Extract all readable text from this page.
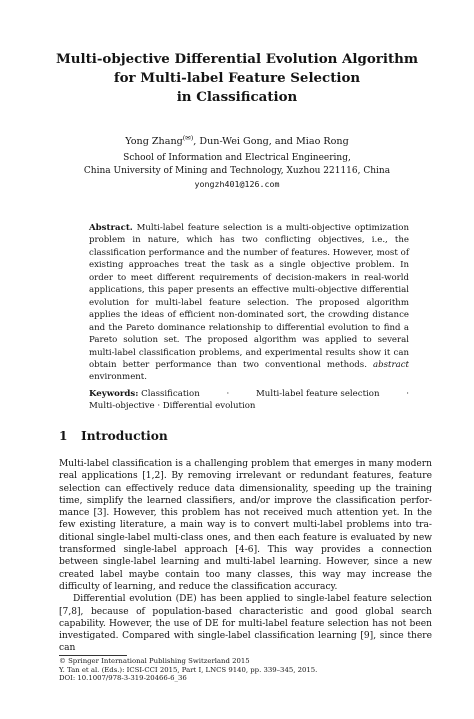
Multi-objective Differential Evolution Algorithm
for Multi-label Feature Selection
in Classification
Yong Zhang(✉), Dun-Wei Gong, and Miao Rong
School of Information and Electrical Engineering,
China University of Mining and Technology, Xuzhou 221116, China
yongzh401@126.com
Abstract. Multi-label feature selection is a multi-objective optimization problem in nature, which has two conflicting objectives, i.e., the classification performance and the number of features. However, most of existing approaches treat the task as a single objective problem. In order to meet different requirements of decision-makers in real-world applications, this paper presents an effective multi-objective differential evolution for multi-label feature selection. The proposed algorithm applies the ideas of efficient non-dominated sort, the crowding distance and the Pareto dominance relationship to differential evolution to find a Pareto solution set. The proposed algorithm was applied to several multi-label classification problems, and experimental results show it can obtain better performance than two conventional methods. abstract environment.
Keywords: Classification	·	Multi-label feature selection	·
Multi-objective · Differential evolution
1 Introduction

Multi-label classification is a challenging problem that emerges in many modern real applications [1,2]. By removing irrelevant or redundant features, feature selection can effectively reduce data dimensionality, speeding up the training time, simplify the learned classifiers, and/or improve the classification performance [3]. However, this problem has not received much attention yet. In the few existing literature, a main way is to convert multi-label problems into traditional single-label multi-class ones, and then each feature is evaluated by new transformed single-label approach [4-6]. This way provides a connection between single-label learning and multi-label learning. However, since a new created label maybe contain too many classes, this way may increase the difficulty of learning, and reduce the classification accuracy.

Differential evolution (DE) has been applied to single-label feature selection [7,8], because of population-based characteristic and good global search capability. However, the use of DE for multi-label feature selection has not been investigated. Compared with single-label classification learning [9], since there can

© Springer International Publishing Switzerland 2015
Y. Tan et al. (Eds.): ICSI-CCI 2015, Part I, LNCS 9140, pp. 339–345, 2015.
DOI: 10.1007/978-3-319-20466-6_36
